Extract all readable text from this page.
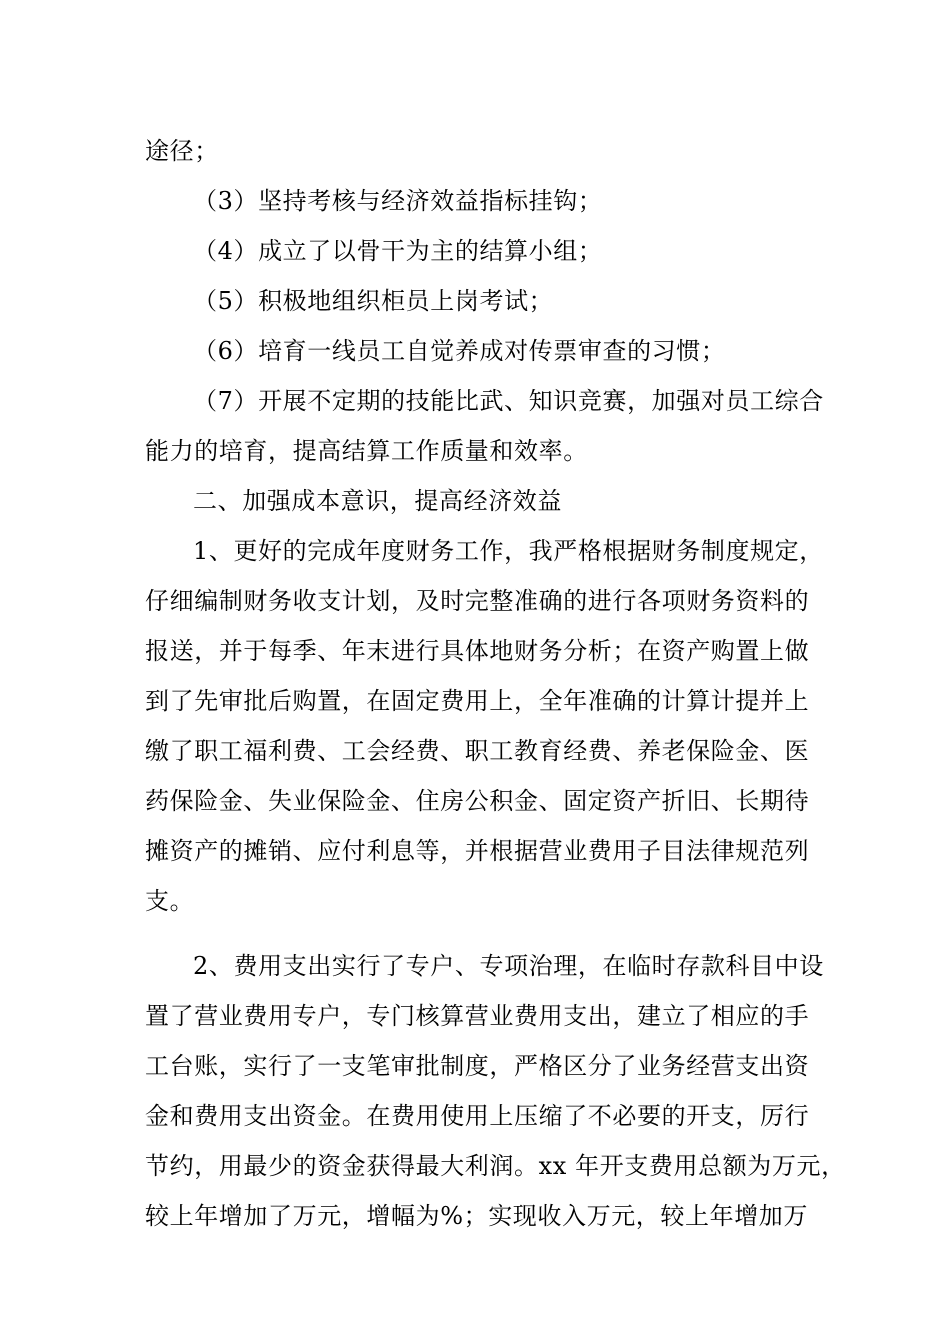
途径；
（3）坚持考核与经济效益指标挂钩；
（4）成立了以骨干为主的结算小组；
（5）积极地组织柜员上岗考试；
（6）培育一线员工自觉养成对传票审查的习惯；
（7）开展不定期的技能比武、知识竞赛，加强对员工综合
能力的培育，提高结算工作质量和效率。
二、加强成本意识，提高经济效益
1、更好的完成年度财务工作，我严格根据财务制度规定，
仔细编制财务收支计划，及时完整准确的进行各项财务资料的
报送，并于每季、年末进行具体地财务分析；在资产购置上做
到了先审批后购置，在固定费用上，全年准确的计算计提并上
缴了职工福利费、工会经费、职工教育经费、养老保险金、医
药保险金、失业保险金、住房公积金、固定资产折旧、长期待
摊资产的摊销、应付利息等，并根据营业费用子目法律规范列
支。
2、费用支出实行了专户、专项治理，在临时存款科目中设
置了营业费用专户，专门核算营业费用支出，建立了相应的手
工台账，实行了一支笔审批制度，严格区分了业务经营支出资
金和费用支出资金。在费用使用上压缩了不必要的开支，厉行
节约，用最少的资金获得最大利润。xx 年开支费用总额为万元，
较上年增加了万元，增幅为%；实现收入万元，较上年增加万
